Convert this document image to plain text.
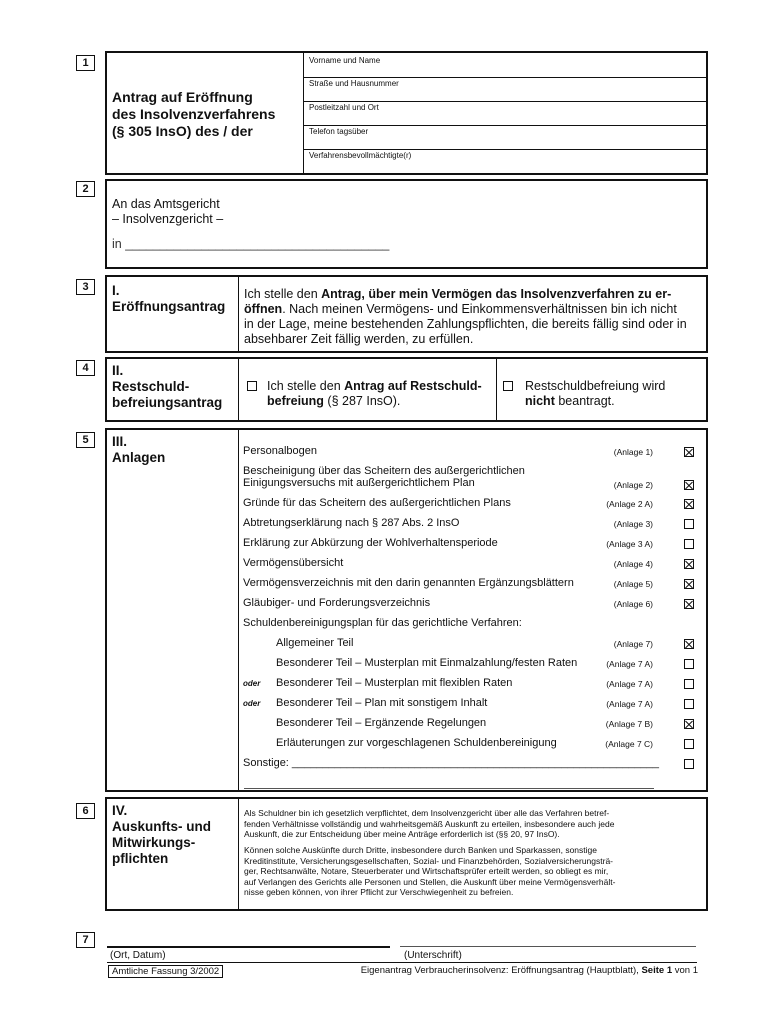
1
Antrag auf Eröffnung
des Insolvenzverfahrens
(§ 305 InsO) des / der
Vorname und Name
Straße und Hausnummer
Postleitzahl und Ort
Telefon tagsüber
Verfahrensbevollmächtigte(r)
2
An das Amtsgericht
– Insolvenzgericht –
in ______________________________________
3	I.
Eröffnungsantrag
Ich stelle den Antrag, über mein Vermögen das Insolvenzverfahren zu er-
öffnen. Nach meinen Vermögens- und Einkommensverhältnissen bin ich nicht
in der Lage, meine bestehenden Zahlungspflichten, die bereits fällig sind oder in
absehbarer Zeit fällig werden, zu erfüllen.
4	II.
Restschuld-
befreiungsantrag
Ich stelle den Antrag auf Restschuld-
befreiung (§ 287 InsO).
Restschuldbefreiung wird
nicht beantragt.
5	III.
Anlagen	Personalbogen	(Anlage 1)
Bescheinigung über das Scheitern des außergerichtlichen
Einigungsversuchs mit außergerichtlichem Plan	(Anlage 2)
Gründe für das Scheitern des außergerichtlichen Plans	(Anlage 2 A)
Abtretungserklärung nach § 287 Abs. 2 InsO	(Anlage 3)
Erklärung zur Abkürzung der Wohlverhaltensperiode	(Anlage 3 A)
Vermögensübersicht	(Anlage 4)
Vermögensverzeichnis mit den darin genannten Ergänzungsblättern	(Anlage 5)
Gläubiger- und Forderungsverzeichnis	(Anlage 6)
Schuldenbereinigungsplan für das gerichtliche Verfahren:
Allgemeiner Teil	(Anlage 7)
Besonderer Teil – Musterplan mit Einmalzahlung/festen Raten	(Anlage 7 A)
oder Besonderer Teil – Musterplan mit flexiblen Raten	(Anlage 7 A)
oder Besonderer Teil – Plan mit sonstigem Inhalt	(Anlage 7 A)
Besonderer Teil – Ergänzende Regelungen	(Anlage 7 B)
Erläuterungen zur vorgeschlagenen Schuldenbereinigung	(Anlage 7 C)
Sonstige: ____________________________________________________________
6	IV.
Auskunfts- und
Mitwirkungs-
pflichten
Als Schuldner bin ich gesetzlich verpflichtet, dem Insolvenzgericht über alle das Verfahren betref-
fenden Verhältnisse vollständig und wahrheitsgemäß Auskunft zu erteilen, insbesondere auch jede
Auskunft, die zur Entscheidung über meine Anträge erforderlich ist (§§ 20, 97 InsO).
Können solche Auskünfte durch Dritte, insbesondere durch Banken und Sparkassen, sonstige
Kreditinstitute, Versicherungsgesellschaften, Sozial- und Finanzbehörden, Sozialversicherungsträ-
ger, Rechtsanwälte, Notare, Steuerberater und Wirtschaftsprüfer erteilt werden, so obliegt es mir,
auf Verlangen des Gerichts alle Personen und Stellen, die Auskunft über meine Vermögensverhält-
nisse geben können, von ihrer Pflicht zur Verschwiegenheit zu befreien.
7
(Ort, Datum)	(Unterschrift)
Amtliche Fassung 3/2002	Eigenantrag Verbraucherinsolvenz: Eröffnungsantrag (Hauptblatt), Seite 1 von 1
